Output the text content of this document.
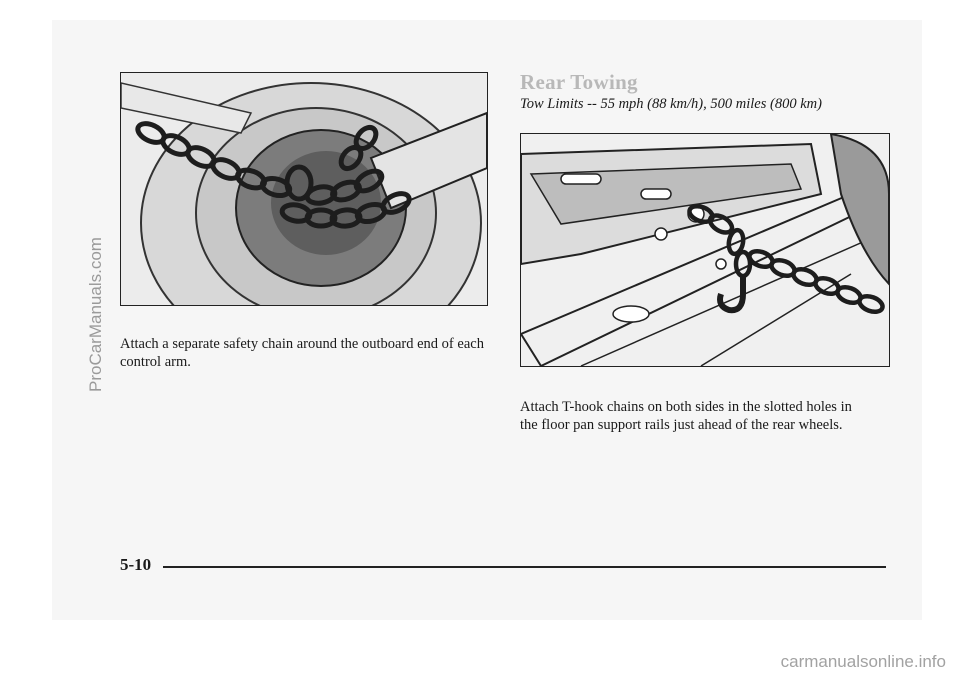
ProCarManuals.com Attach a separate safety chain around the outboard end of each control arm.
Rear Towing
Tow Limits -- 55 mph (88 km/h), 500 miles (800 km)
Attach T-hook chains on both sides in the slotted holes in the floor pan support rails just ahead of the rear wheels.
5-10
carmanualsonline.info
